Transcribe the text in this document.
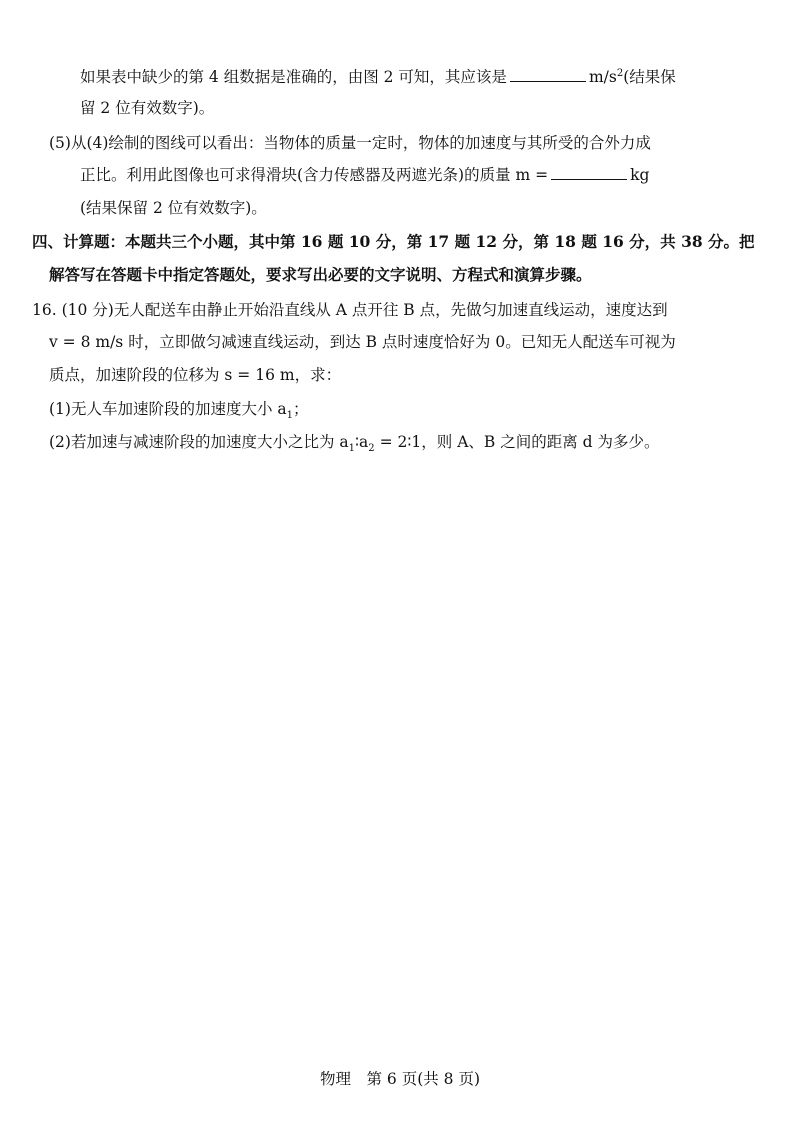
如果表中缺少的第 4 组数据是准确的，由图 2 可知，其应该是	$m/s^2$(结果保
留 2 位有效数字)。
(5)从(4)绘制的图线可以看出：当物体的质量一定时，物体的加速度与其所受的合外力成
正比。利用此图像也可求得滑块(含力传感器及两遮光条)的质量 m =	kg
(结果保留 2 位有效数字)。
四、计算题：本题共三个小题，其中第 16 题 10 分，第 17 题 12 分，第 18 题 16 分，共 38 分。把
解答写在答题卡中指定答题处，要求写出必要的文字说明、方程式和演算步骤。
16. (10 分)无人配送车由静止开始沿直线从 A 点开往 B 点，先做匀加速直线运动，速度达到
v = 8 m/s 时，立即做匀减速直线运动，到达 B 点时速度恰好为 0。已知无人配送车可视为
质点，加速阶段的位移为 s = 16 m，求：
(1)无人车加速阶段的加速度大小 $a_1$；
(2)若加速与减速阶段的加速度大小之比为 $a_1∶a_2$ = 2∶1，则 A、B 之间的距离 d 为多少。
物理　第 6 页(共 8 页)
